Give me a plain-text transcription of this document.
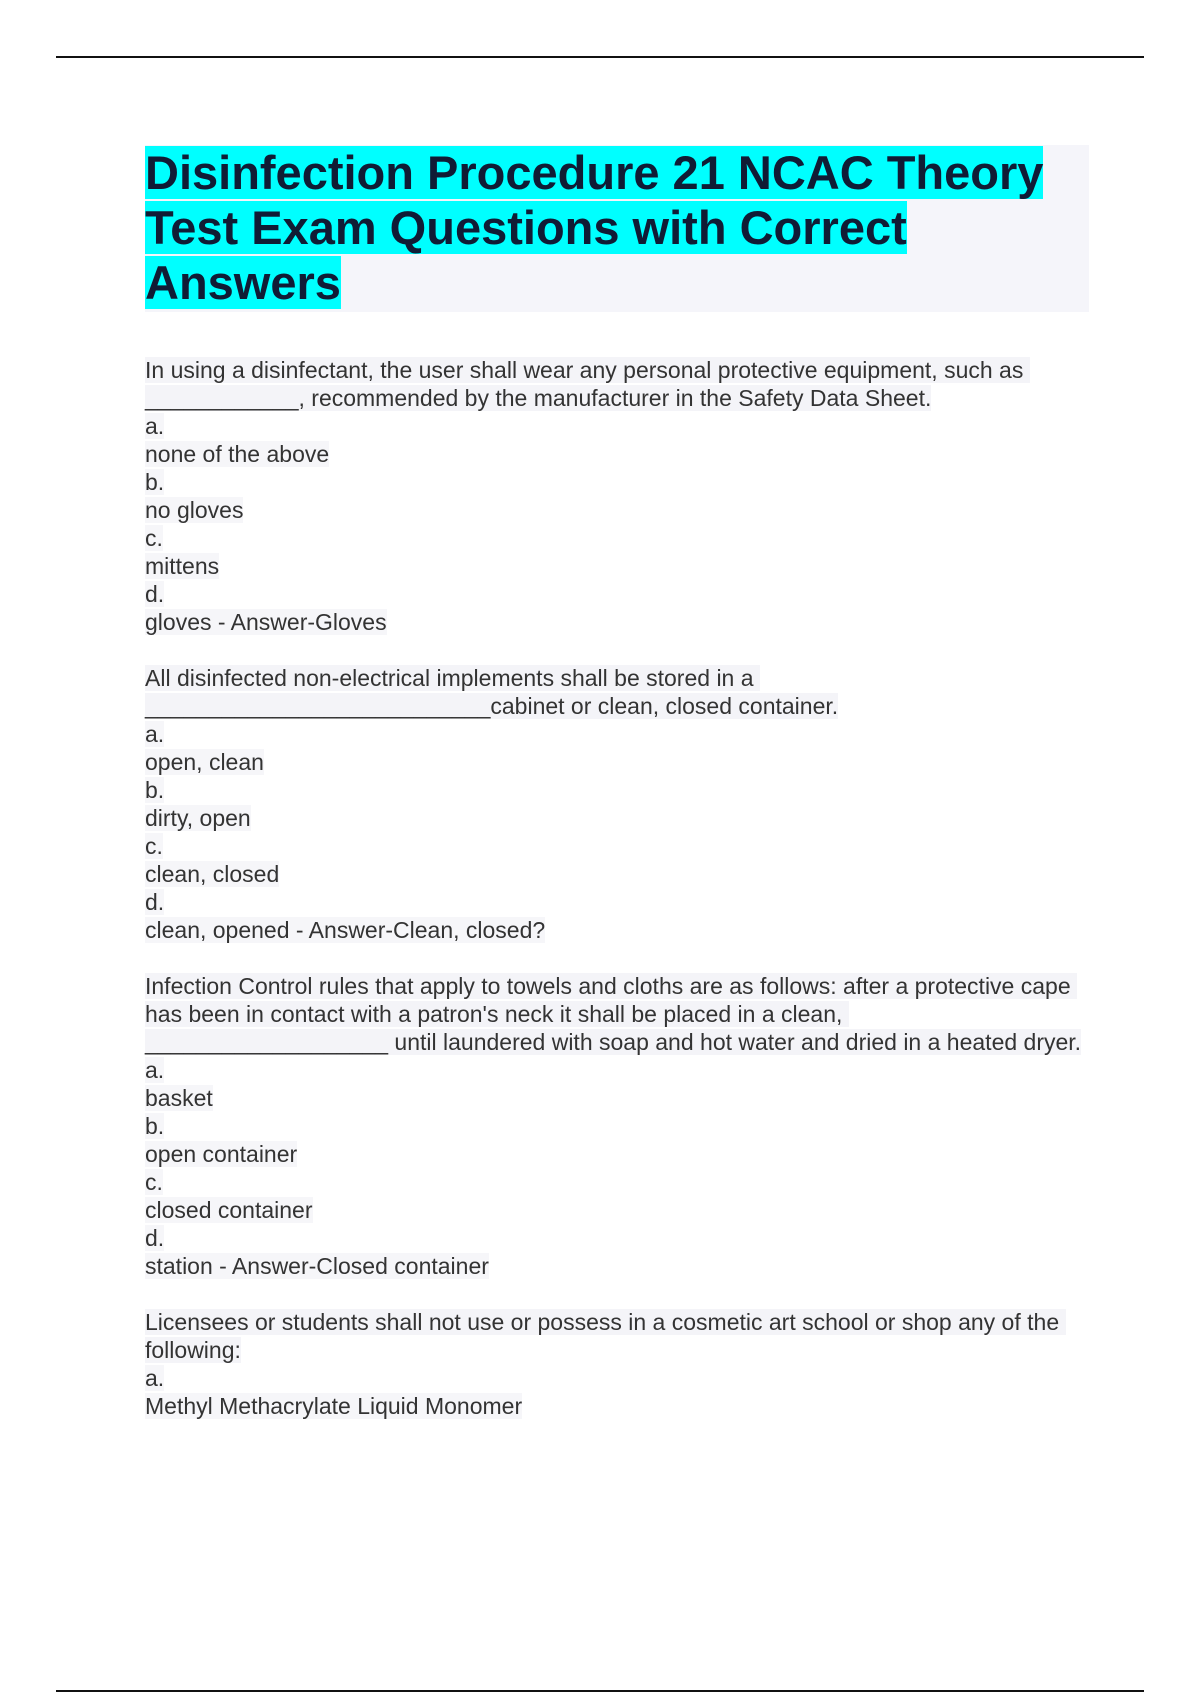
Disinfection Procedure 21 NCAC Theory Test Exam Questions with Correct Answers

In using a disinfectant, the user shall wear any personal protective equipment, such as ____________, recommended by the manufacturer in the Safety Data Sheet.

a.

none of the above

b.

no gloves

c.

mittens

d.

gloves - Answer-Gloves

All disinfected non-electrical implements shall be stored in a ___________________________cabinet or clean, closed container.

a.

open, clean

b.

dirty, open

c.

clean, closed

d.

clean, opened - Answer-Clean, closed?

Infection Control rules that apply to towels and cloths are as follows: after a protective cape has been in contact with a patron's neck it shall be placed in a clean, ___________________ until laundered with soap and hot water and dried in a heated dryer.

a.

basket

b.

open container

c.

closed container

d.

station - Answer-Closed container

Licensees or students shall not use or possess in a cosmetic art school or shop any of the following:

a.

Methyl Methacrylate Liquid Monomer
